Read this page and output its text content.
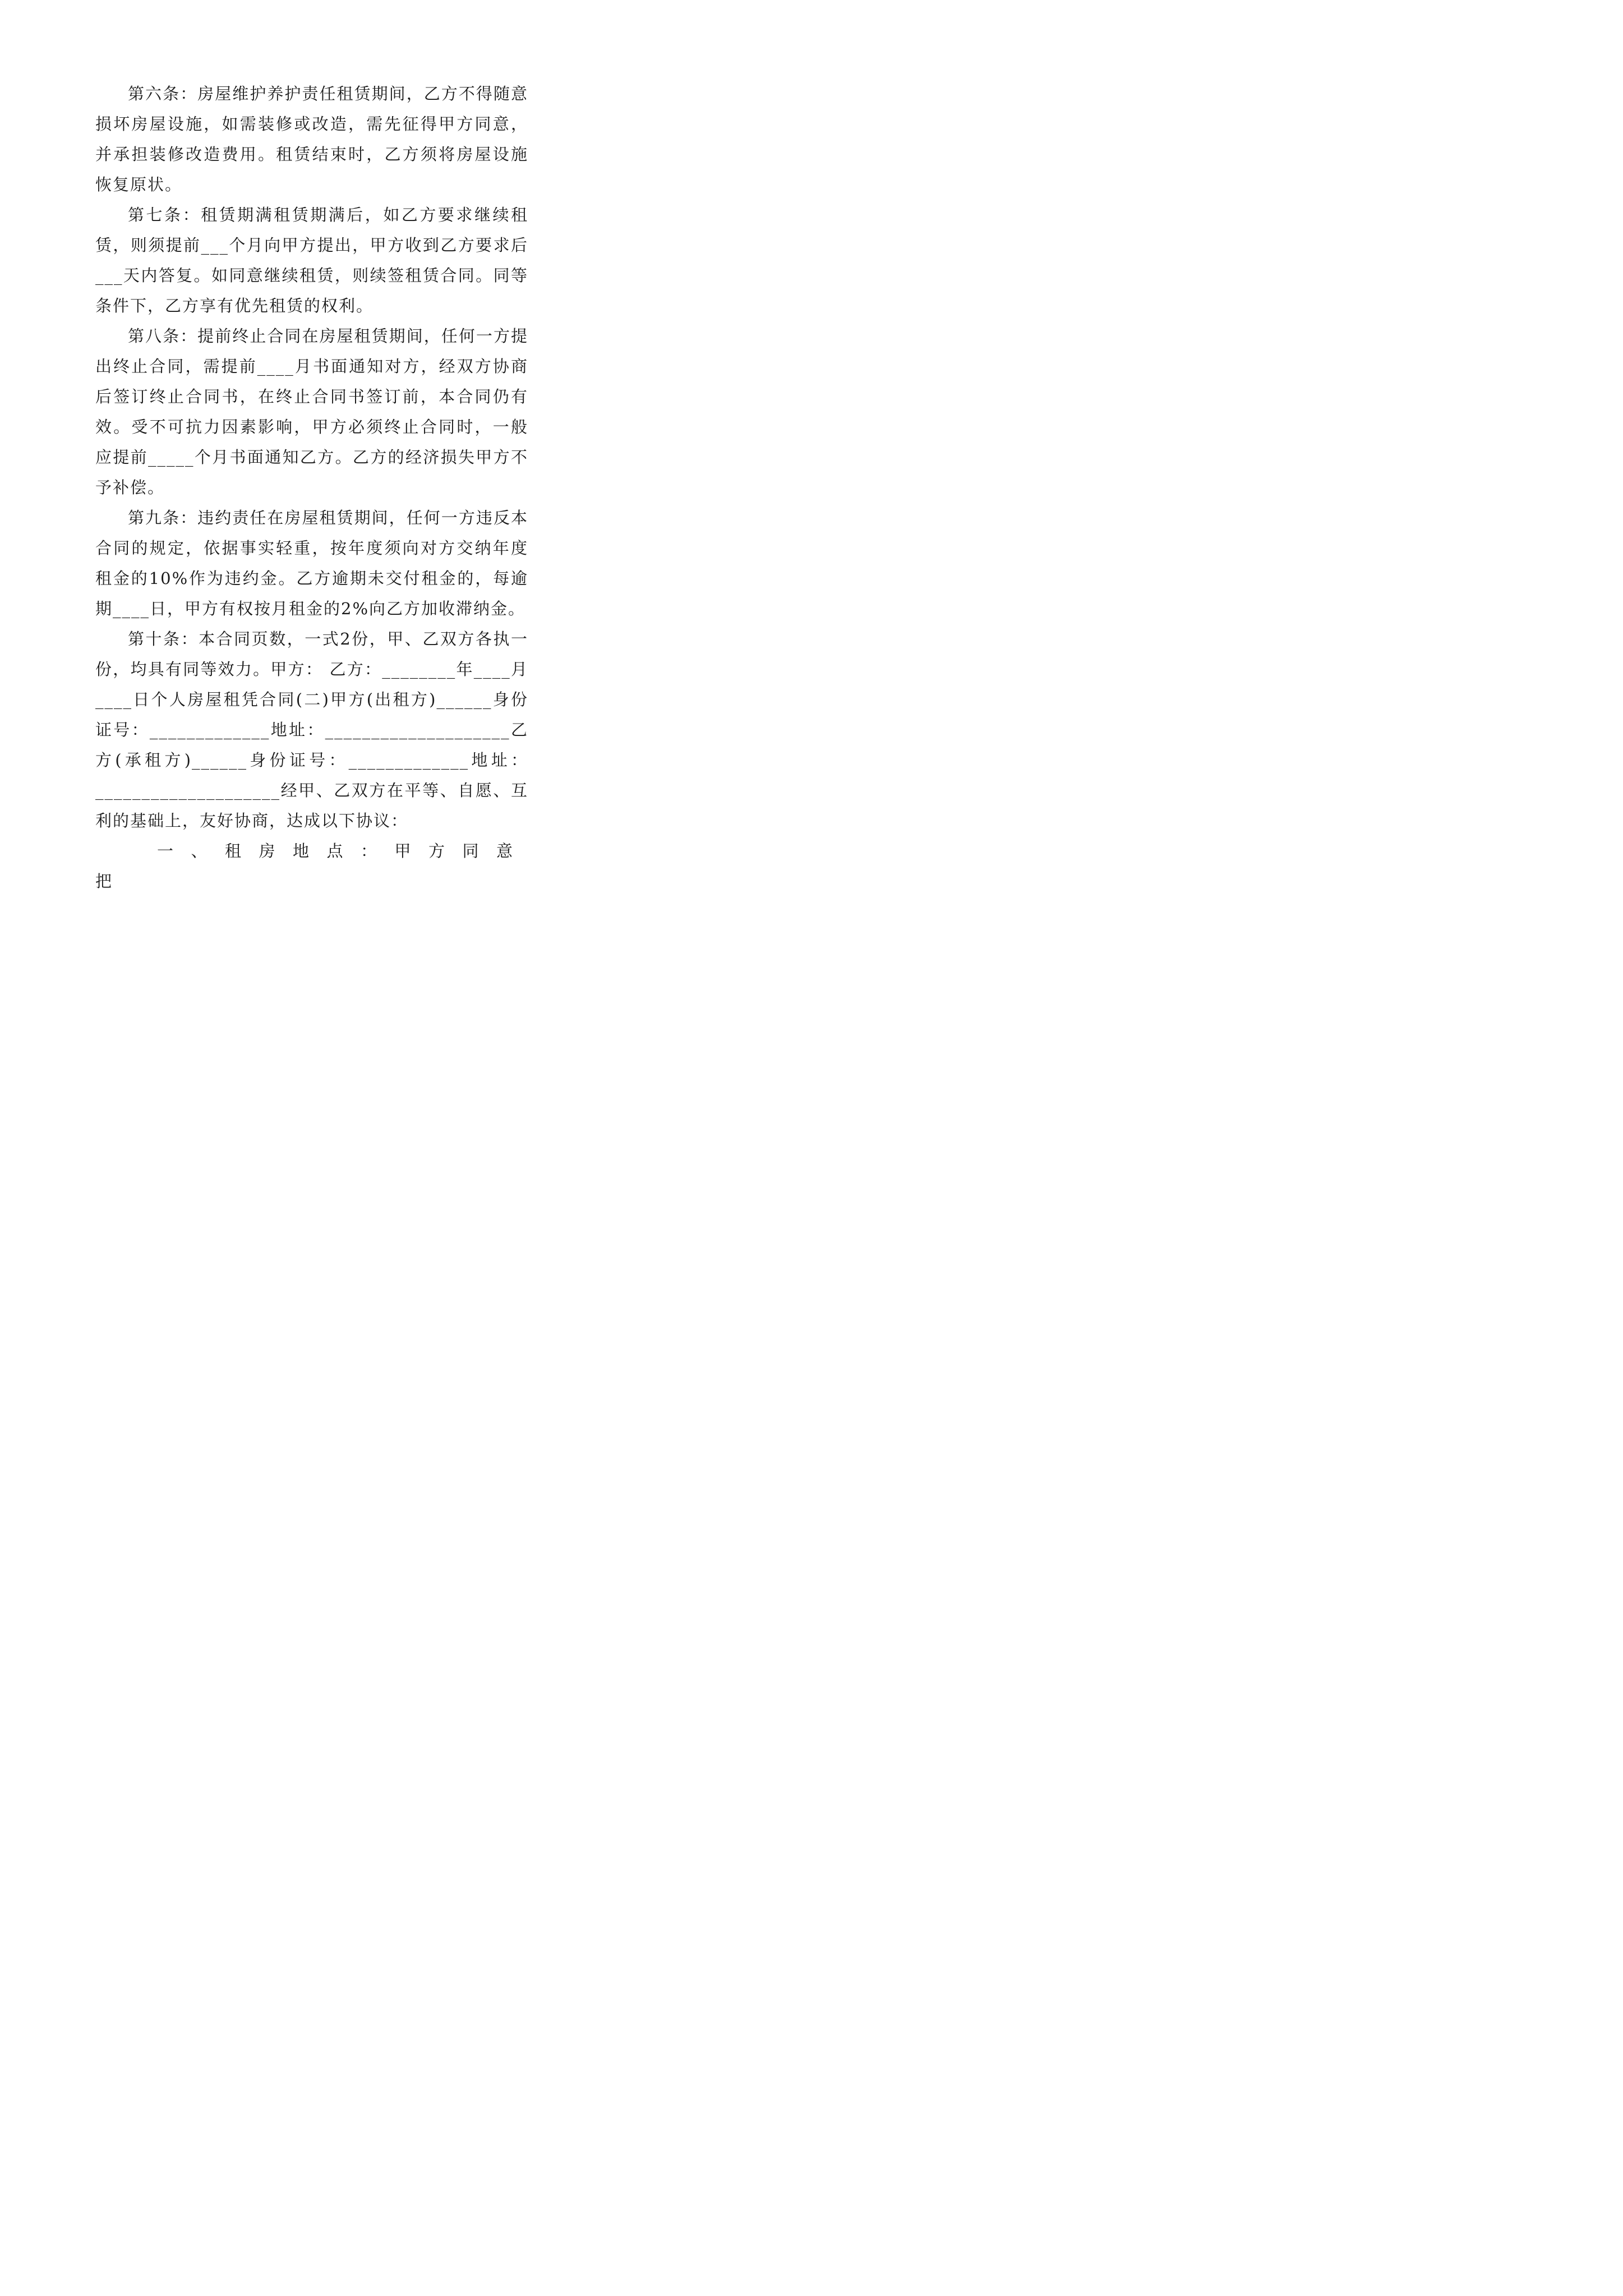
第六条：房屋维护养护责任租赁期间，乙方不得随意损坏房屋设施，如需装修或改造，需先征得甲方同意，并承担装修改造费用。租赁结束时，乙方须将房屋设施恢复原状。

第七条：租赁期满租赁期满后，如乙方要求继续租赁，则须提前___个月向甲方提出，甲方收到乙方要求后___天内答复。如同意继续租赁，则续签租赁合同。同等条件下，乙方享有优先租赁的权利。

第八条：提前终止合同在房屋租赁期间，任何一方提出终止合同，需提前____月书面通知对方，经双方协商后签订终止合同书，在终止合同书签订前，本合同仍有效。受不可抗力因素影响，甲方必须终止合同时，一般应提前_____个月书面通知乙方。乙方的经济损失甲方不予补偿。

第九条：违约责任在房屋租赁期间，任何一方违反本合同的规定，依据事实轻重，按年度须向对方交纳年度租金的10%作为违约金。乙方逾期未交付租金的，每逾期____日，甲方有权按月租金的2%向乙方加收滞纳金。

第十条：本合同页数，一式2份，甲、乙双方各执一份，均具有同等效力。甲方： 乙方：________年____月____日个人房屋租凭合同(二)甲方(出租方)______身份证号：_____________地址：____________________乙方(承租方)______身份证号：_____________地址：____________________经甲、乙双方在平等、自愿、互利的基础上，友好协商，达成以下协议：

一、租房地点：甲方同意把
